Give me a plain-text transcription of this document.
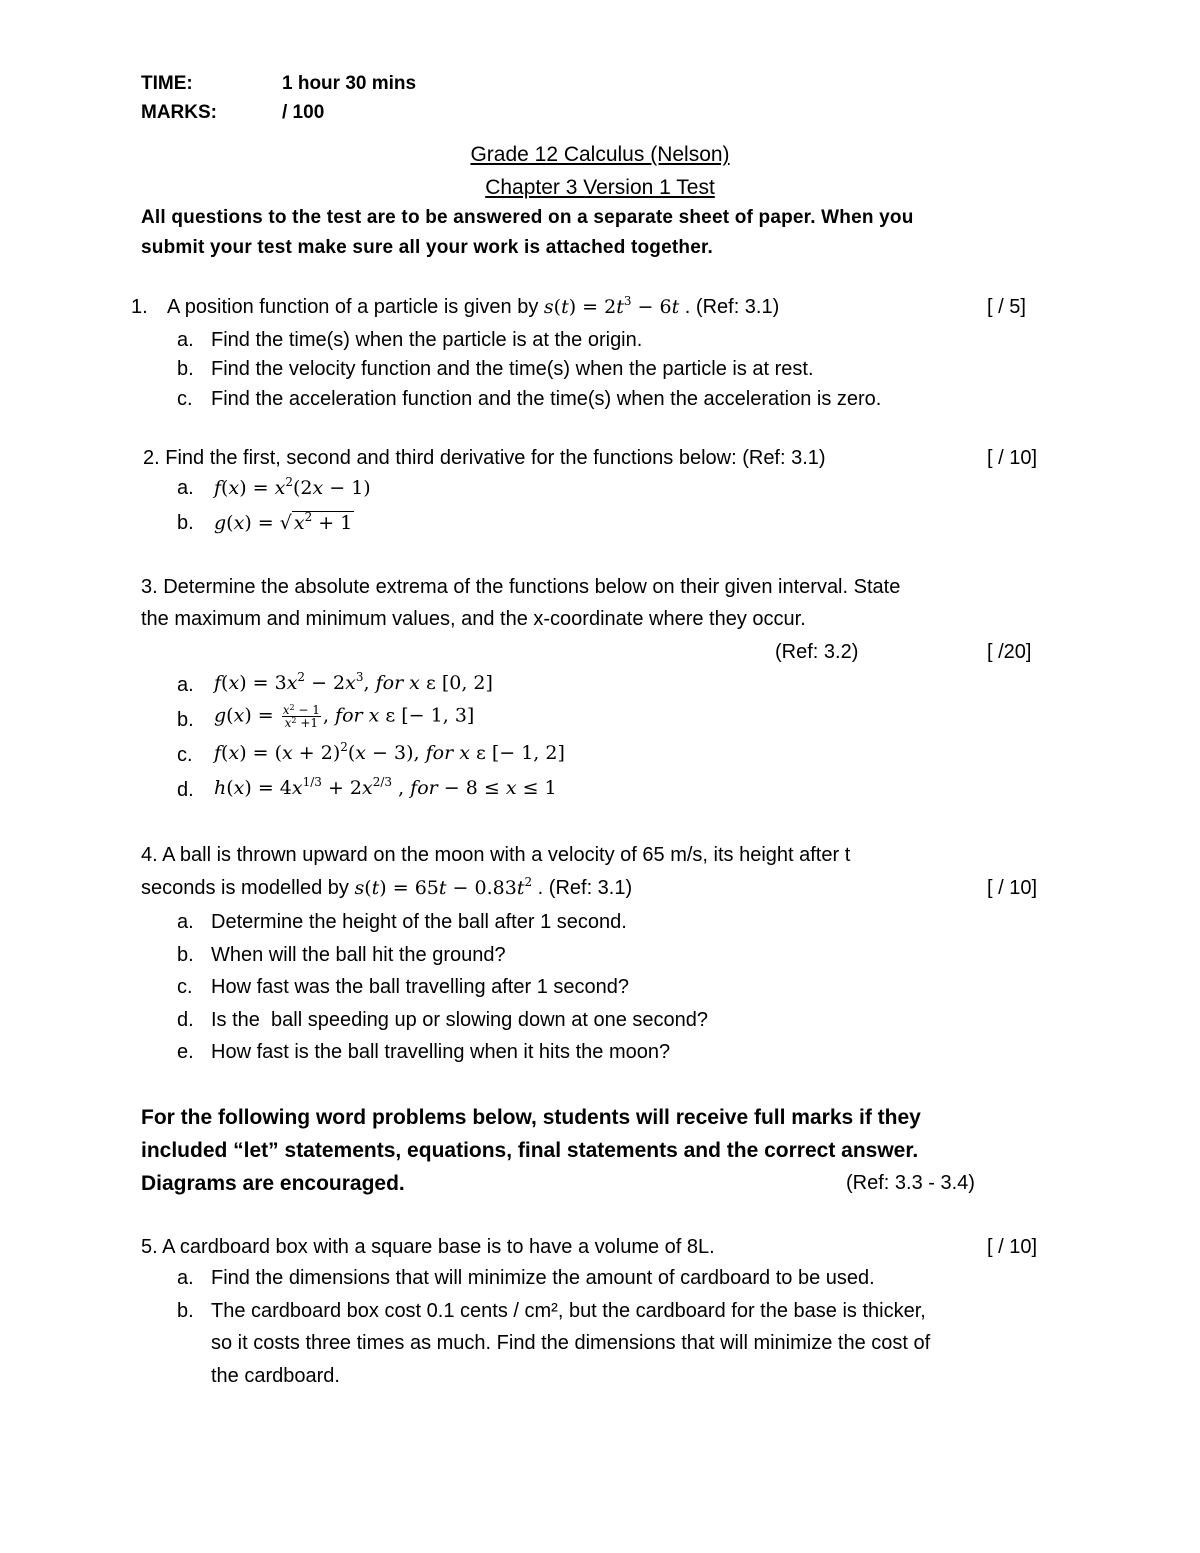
TIME:	1 hour 30 mins
MARKS:	/ 100
Grade 12 Calculus (Nelson)
Chapter 3 Version 1 Test
All questions to the test are to be answered on a separate sheet of paper. When you
submit your test make sure all your work is attached together.
1. A position function of a particle is given by $s(t) = 2t^3 - 6t$ . (Ref: 3.1)	[ / 5]
a. Find the time(s) when the particle is at the origin.
b. Find the velocity function and the time(s) when the particle is at rest.
c. Find the acceleration function and the time(s) when the acceleration is zero.
2. Find the first, second and third derivative for the functions below: (Ref: 3.1)	[ / 10]
a. $f(x) = x^2(2x - 1)$
b. g(x) = √ $x^2 + 1$
3. Determine the absolute extrema of the functions below on their given interval. State
the maximum and minimum values, and the x-coordinate where they occur.
(Ref: 3.2)	[ /20]
a. $f(x) = 3x^2 - 2x^3$, for x ε [0, 2]
b. $g(x) = \frac{x^2 - 1}{x^2 +1}$ , for x ε [− 1, 3]
c. $f(x) = (x + 2)^2(x - 3)$, for x ε [− 1, 2]
d. $h(x) = 4x^{1/3} + 2x^{2/3}$ , for − 8 ≤ x ≤ 1
4. A ball is thrown upward on the moon with a velocity of 65 m/s, its height after t
seconds is modelled by $s(t) = 65t - 0.83t^2$ . (Ref: 3.1)	[ / 10]
a. Determine the height of the ball after 1 second.
b. When will the ball hit the ground?
c. How fast was the ball travelling after 1 second?
d. Is the  ball speeding up or slowing down at one second?
e. How fast is the ball travelling when it hits the moon?
For the following word problems below, students will receive full marks if they
included “let” statements, equations, final statements and the correct answer.
Diagrams are encouraged.	(Ref: 3.3 - 3.4)
5. A cardboard box with a square base is to have a volume of 8L.	[ / 10]
a. Find the dimensions that will minimize the amount of cardboard to be used.
b. The cardboard box cost 0.1 cents / cm², but the cardboard for the base is thicker,
so it costs three times as much. Find the dimensions that will minimize the cost of
the cardboard.
